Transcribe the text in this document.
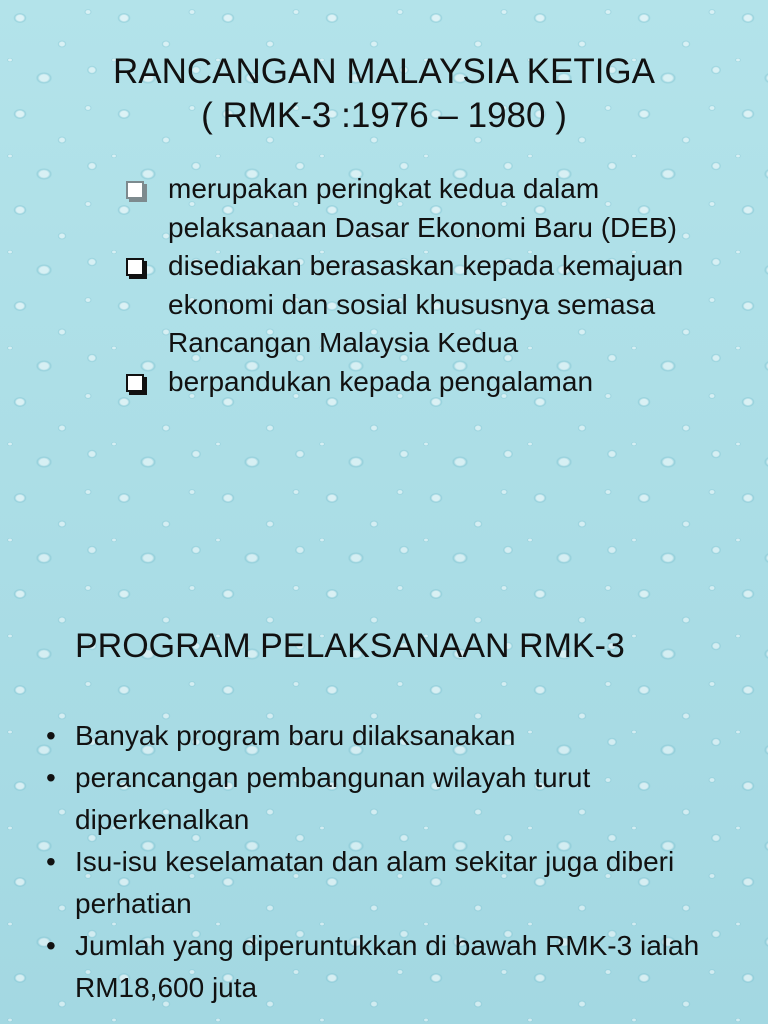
RANCANGAN MALAYSIA KETIGA
( RMK-3 :1976 – 1980 )
merupakan peringkat kedua dalam pelaksanaan Dasar Ekonomi Baru (DEB)
disediakan berasaskan kepada kemajuan ekonomi dan sosial khususnya semasa Rancangan Malaysia Kedua
berpandukan kepada pengalaman
PROGRAM PELAKSANAAN RMK-3
• Banyak program baru dilaksanakan
• perancangan pembangunan wilayah turut diperkenalkan
• Isu-isu keselamatan dan alam sekitar juga diberi perhatian
• Jumlah yang diperuntukkan di bawah RMK-3 ialah RM18,600 juta
